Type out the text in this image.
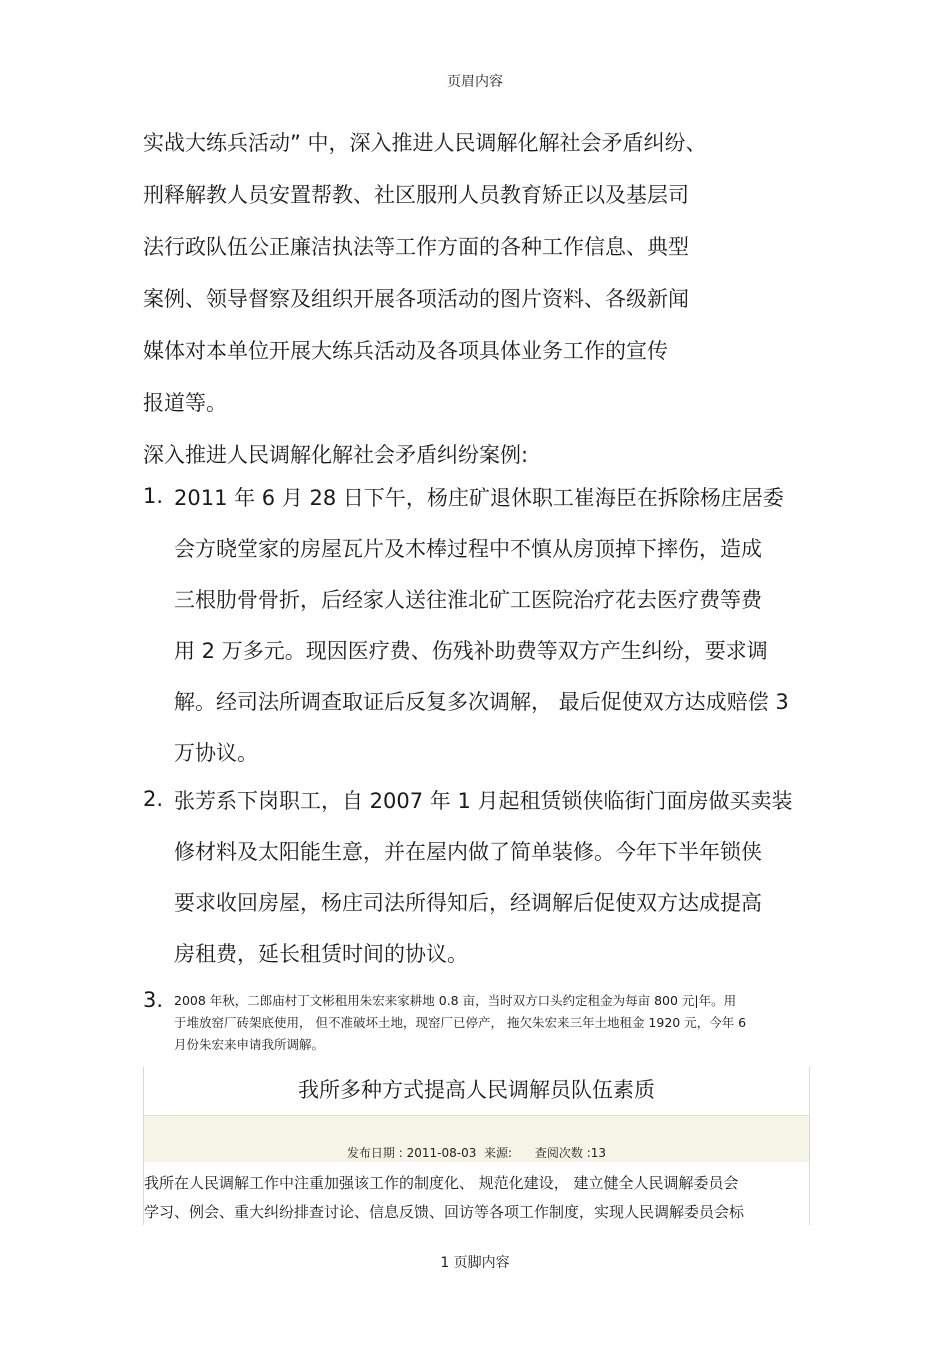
页眉内容
实战大练兵活动” 中，深入推进人民调解化解社会矛盾纠纷、
刑释解教人员安置帮教、社区服刑人员教育矫正以及基层司
法行政队伍公正廉洁执法等工作方面的各种工作信息、典型
案例、领导督察及组织开展各项活动的图片资料、各级新闻
媒体对本单位开展大练兵活动及各项具体业务工作的宣传
报道等。
深入推进人民调解化解社会矛盾纠纷案例:
1. 2011 年 6 月 28 日下午，杨庄矿退休职工崔海臣在拆除杨庄居委
会方晓堂家的房屋瓦片及木棒过程中不慎从房顶掉下摔伤，造成
三根肋骨骨折，后经家人送往淮北矿工医院治疗花去医疗费等费
用 2 万多元。现因医疗费、伤残补助费等双方产生纠纷，要求调
解。经司法所调查取证后反复多次调解， 最后促使双方达成赔偿 3
万协议。
2. 张芳系下岗职工，自 2007 年 1 月起租赁锁侠临街门面房做买卖装
修材料及太阳能生意，并在屋内做了简单装修。今年下半年锁侠
要求收回房屋，杨庄司法所得知后，经调解后促使双方达成提高
房租费，延长租赁时间的协议。
3. 2008 年秋，二郎庙村丁文彬租用朱宏来家耕地 0.8 亩，当时双方口头约定租金为每亩 800 元|年。用
于堆放窑厂砖架底使用， 但不准破坏土地，现窑厂已停产， 拖欠朱宏来三年土地租金 1920 元，今年 6
月份朱宏来申请我所调解。
我所多种方式提高人民调解员队伍素质
发布日期 : 2011-08-03 来源: 查阅次数 :13
我所在人民调解工作中注重加强该工作的制度化、 规范化建设， 建立健全人民调解委员会
学习、例会、重大纠纷排查讨论、信息反馈、回访等各项工作制度，实现人民调解委员会标
1 页脚内容
